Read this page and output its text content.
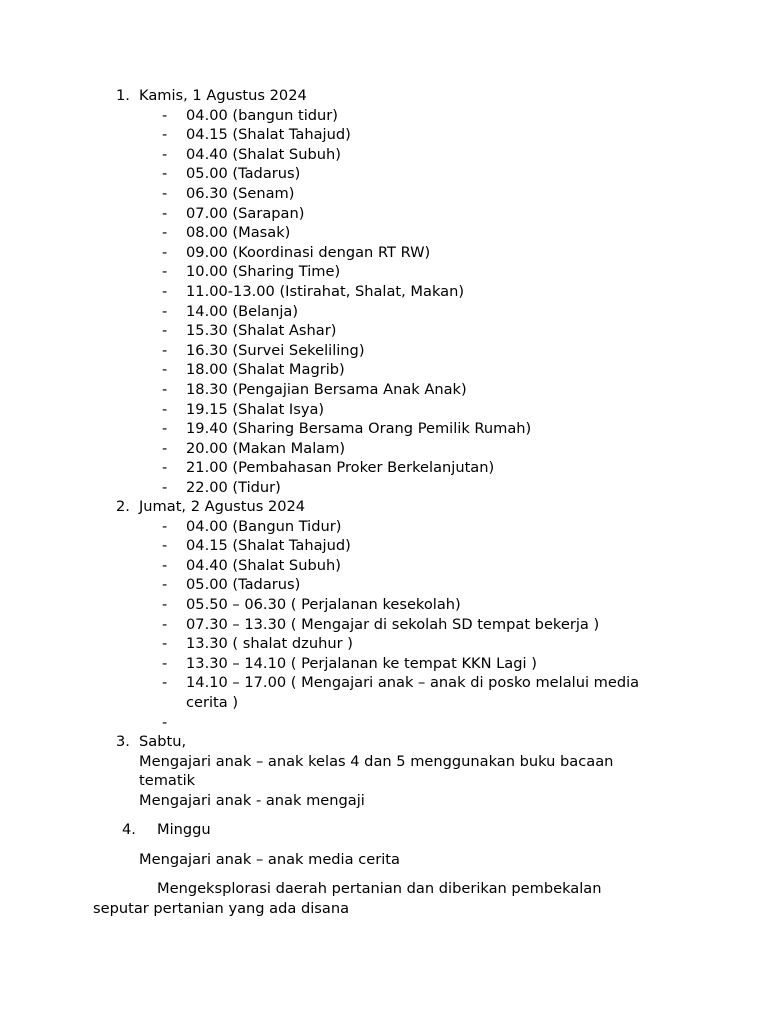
1. Kamis, 1 Agustus 2024
- 04.00 (bangun tidur)
- 04.15 (Shalat Tahajud)
- 04.40 (Shalat Subuh)
- 05.00 (Tadarus)
- 06.30 (Senam)
- 07.00 (Sarapan)
- 08.00 (Masak)
- 09.00 (Koordinasi dengan RT RW)
- 10.00 (Sharing Time)
- 11.00-13.00 (Istirahat, Shalat, Makan)
- 14.00 (Belanja)
- 15.30 (Shalat Ashar)
- 16.30 (Survei Sekeliling)
- 18.00 (Shalat Magrib)
- 18.30 (Pengajian Bersama Anak Anak)
- 19.15 (Shalat Isya)
- 19.40 (Sharing Bersama Orang Pemilik Rumah)
- 20.00 (Makan Malam)
- 21.00 (Pembahasan Proker Berkelanjutan)
- 22.00 (Tidur)
2. Jumat, 2 Agustus 2024
- 04.00 (Bangun Tidur)
- 04.15 (Shalat Tahajud)
- 04.40 (Shalat Subuh)
- 05.00 (Tadarus)
- 05.50 – 06.30 ( Perjalanan kesekolah)
- 07.30 – 13.30 ( Mengajar di sekolah SD tempat bekerja )
- 13.30 ( shalat dzuhur )
- 13.30 – 14.10 ( Perjalanan ke tempat KKN Lagi )
- 14.10 – 17.00 ( Mengajari anak – anak di posko melalui media
cerita )
-
3. Sabtu,
Mengajari anak – anak kelas 4 dan 5 menggunakan buku bacaan
tematik
Mengajari anak - anak mengaji
4. Minggu
Mengajari anak – anak media cerita
Mengeksplorasi daerah pertanian dan diberikan pembekalan
seputar pertanian yang ada disana
